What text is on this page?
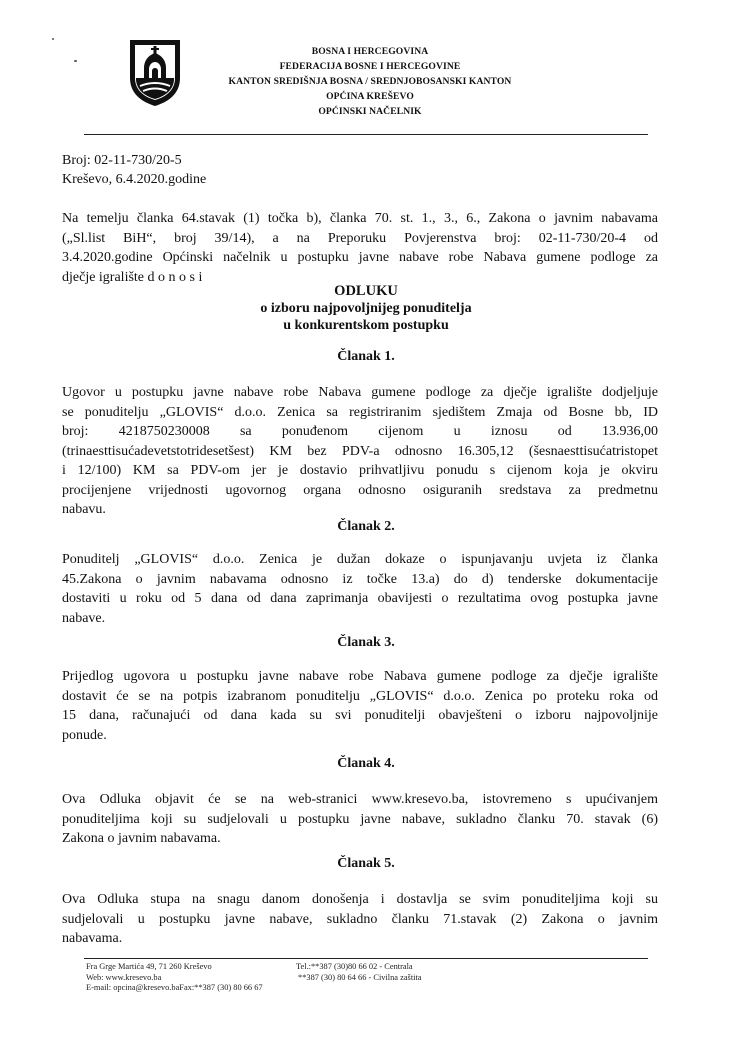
BOSNA I HERCEGOVINA
FEDERACIJA BOSNE I HERCEGOVINE
KANTON SREDIŠNJA BOSNA / SREDNJOBOSANSKI KANTON
OPĆINA KREŠEVO
OPĆINSKI NAČELNIK
Broj: 02-11-730/20-5
Kreševo, 6.4.2020.godine
Na temelju članka 64.stavak (1) točka b), članka 70. st. 1., 3., 6., Zakona o javnim nabavama
(„Sl.list BiH“, broj 39/14), a na Preporuku Povjerenstva broj: 02-11-730/20-4 od
3.4.2020.godine Općinski načelnik u postupku javne nabave robe Nabava gumene podloge za
dječje igralište d o n o s i
ODLUKU
o izboru najpovoljnijeg ponuditelja
u konkurentskom postupku
Članak 1.
Ugovor u postupku javne nabave robe Nabava gumene podloge za dječje igralište dodjeljuje
se ponuditelju „GLOVIS“ d.o.o. Zenica sa registriranim sjedištem Zmaja od Bosne bb, ID
broj: 4218750230008 sa ponuđenom cijenom u iznosu od 13.936,00
(trinaesttisućadevetstotridesetšest) KM bez PDV-a odnosno 16.305,12 (šesnaesttisućatristopet
i 12/100) KM sa PDV-om jer je dostavio prihvatljivu ponudu s cijenom koja je okviru
procijenjene vrijednosti ugovornog organa odnosno osiguranih sredstava za predmetnu
nabavu.
Članak 2.
Ponuditelj „GLOVIS“ d.o.o. Zenica je dužan dokaze o ispunjavanju uvjeta iz članka
45.Zakona o javnim nabavama odnosno iz točke 13.a) do d) tenderske dokumentacije
dostaviti u roku od 5 dana od dana zaprimanja obavijesti o rezultatima ovog postupka javne
nabave.
Članak 3.
Prijedlog ugovora u postupku javne nabave robe Nabava gumene podloge za dječje igralište
dostavit će se na potpis izabranom ponuditelju „GLOVIS“ d.o.o. Zenica po proteku roka od
15 dana, računajući od dana kada su svi ponuditelji obavješteni o izboru najpovoljnije
ponude.
Članak 4.
Ova Odluka objavit će se na web-stranici www.kresevo.ba, istovremeno s upućivanjem
ponuditeljima koji su sudjelovali u postupku javne nabave, sukladno članku 70. stavak (6)
Zakona o javnim nabavama.
Članak 5.
Ova Odluka stupa na snagu danom donošenja i dostavlja se svim ponuditeljima koji su
sudjelovali u postupku javne nabave, sukladno članku 71.stavak (2) Zakona o javnim
nabavama.
Fra Grge Martića 49, 71 260 Kreševo
Web: www.kresevo.ba
E-mail: opcina@kresevo.baFax:**387 (30) 80 66 67
Tel.:**387 (30)80 66 02 - Centrala
**387 (30) 80 64 66 - Civilna zaštita
